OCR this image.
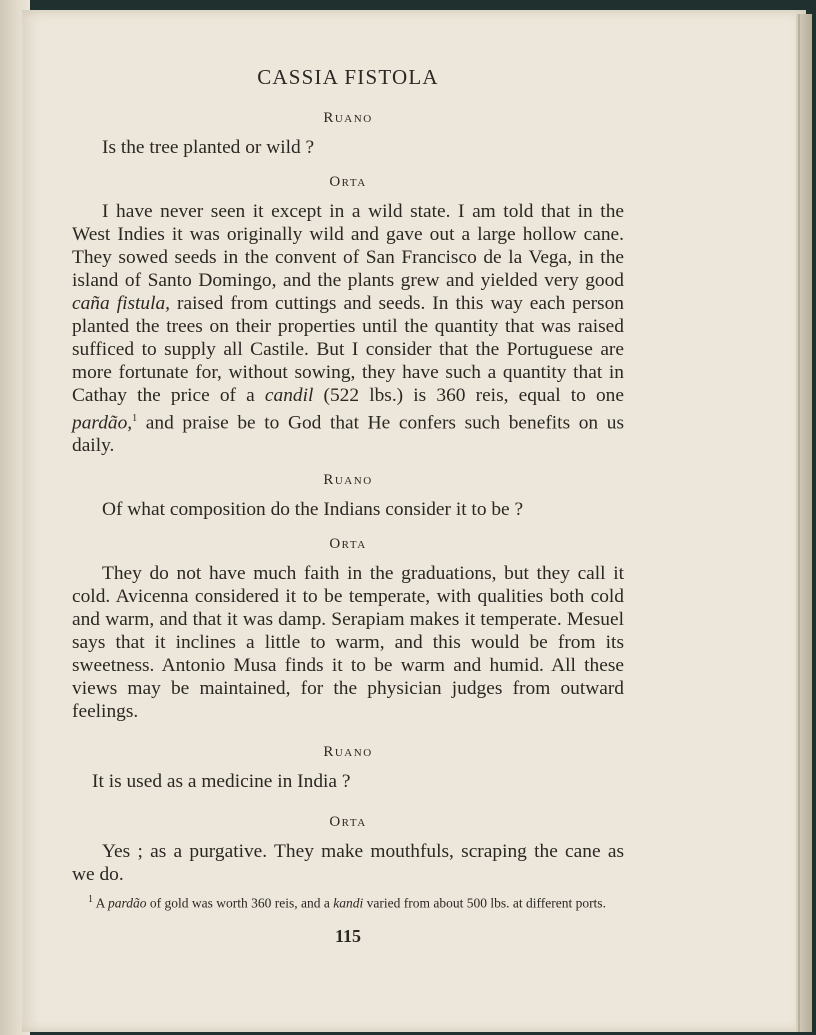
CASSIA FISTOLA
Ruano

Is the tree planted or wild ?

Orta

I have never seen it except in a wild state. I am told that in the West Indies it was originally wild and gave out a large hollow cane. They sowed seeds in the convent of San Francisco de la Vega, in the island of Santo Domingo, and the plants grew and yielded very good caña fistula, raised from cuttings and seeds. In this way each person planted the trees on their properties until the quantity that was raised sufficed to supply all Castile. But I consider that the Portuguese are more fortunate for, without sowing, they have such a quantity that in Cathay the price of a candil (522 lbs.) is 360 reis, equal to one pardão,$^1$ and praise be to God that He confers such benefits on us daily.

Ruano

Of what composition do the Indians consider it to be ?

Orta

They do not have much faith in the graduations, but they call it cold. Avicenna considered it to be temperate, with qualities both cold and warm, and that it was damp. Serapiam makes it temperate. Mesuel says that it inclines a little to warm, and this would be from its sweetness. Antonio Musa finds it to be warm and humid. All these views may be maintained, for the physician judges from outward feelings.

Ruano

It is used as a medicine in India ?

Orta

Yes ; as a purgative. They make mouthfuls, scraping the cane as we do.

$^1$ A pardão of gold was worth 360 reis, and a kandi varied from about 500 lbs. at different ports.

115
